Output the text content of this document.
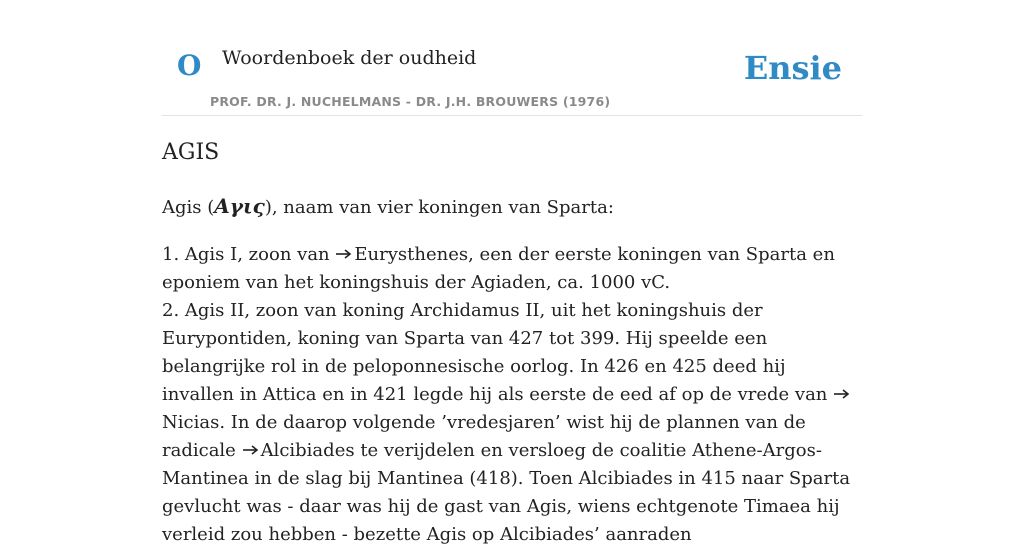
O Woordenboek der oudheid
PROF. DR. J. NUCHELMANS - DR. J.H. BROUWERS (1976)
Ensie
AGIS

Agis (Αγις), naam van vier koningen van Sparta:

1. Agis I, zoon van
Eurysthenes, een der eerste koningen van Sparta en eponiem van het koningshuis der Agiaden, ca. 1000 vC.
2. Agis II, zoon van koning Archidamus II, uit het koningshuis der Eurypontiden, koning van Sparta van 427 tot 399. Hij speelde een belangrijke rol in de peloponnesische oorlog. In 426 en 425 deed hij invallen in Attica en in 421 legde hij als eerste de eed af op de vrede van
Nicias. In de daarop volgende ’vredesjaren’ wist hij de plannen van de radicale
Alcibiades te verijdelen en versloeg de coalitie Athene-Argos-Mantinea in de slag bij Mantinea (418). Toen Alcibiades in 415 naar Sparta gevlucht was - daar was hij de gast van Agis, wiens echtgenote Timaea hij verleid zou hebben - bezette Agis op Alcibiades’ aanraden
